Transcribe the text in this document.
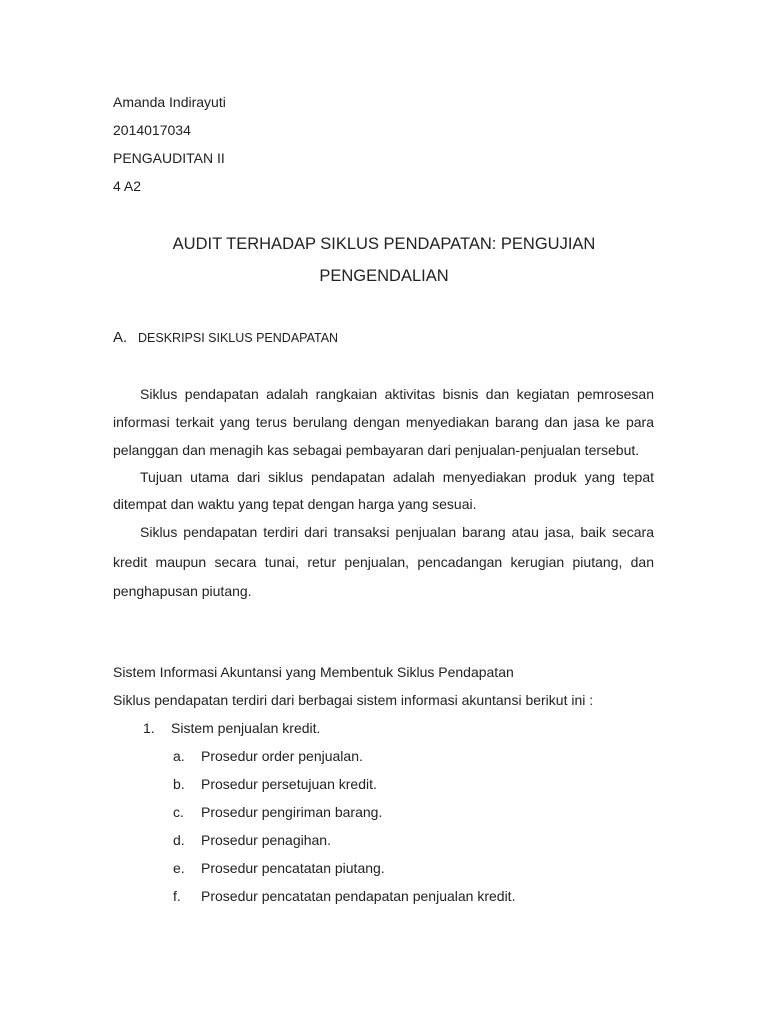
Amanda Indirayuti
2014017034
PENGAUDITAN II
4 A2
AUDIT TERHADAP SIKLUS PENDAPATAN: PENGUJIAN
PENGENDALIAN
A. DESKRIPSI SIKLUS PENDAPATAN

Siklus pendapatan adalah rangkaian aktivitas bisnis dan kegiatan pemrosesan informasi terkait yang terus berulang dengan menyediakan barang dan jasa ke para pelanggan dan menagih kas sebagai pembayaran dari penjualan-penjualan tersebut.

Tujuan utama dari siklus pendapatan adalah menyediakan produk yang tepat ditempat dan waktu yang tepat dengan harga yang sesuai.

Siklus pendapatan terdiri dari transaksi penjualan barang atau jasa, baik secara kredit maupun secara tunai, retur penjualan, pencadangan kerugian piutang, dan penghapusan piutang.

Sistem Informasi Akuntansi yang Membentuk Siklus Pendapatan
Siklus pendapatan terdiri dari berbagai sistem informasi akuntansi berikut ini :
1. Sistem penjualan kredit.
a. Prosedur order penjualan.
b. Prosedur persetujuan kredit.
c. Prosedur pengiriman barang.
d. Prosedur penagihan.
e. Prosedur pencatatan piutang.
f. Prosedur pencatatan pendapatan penjualan kredit.
